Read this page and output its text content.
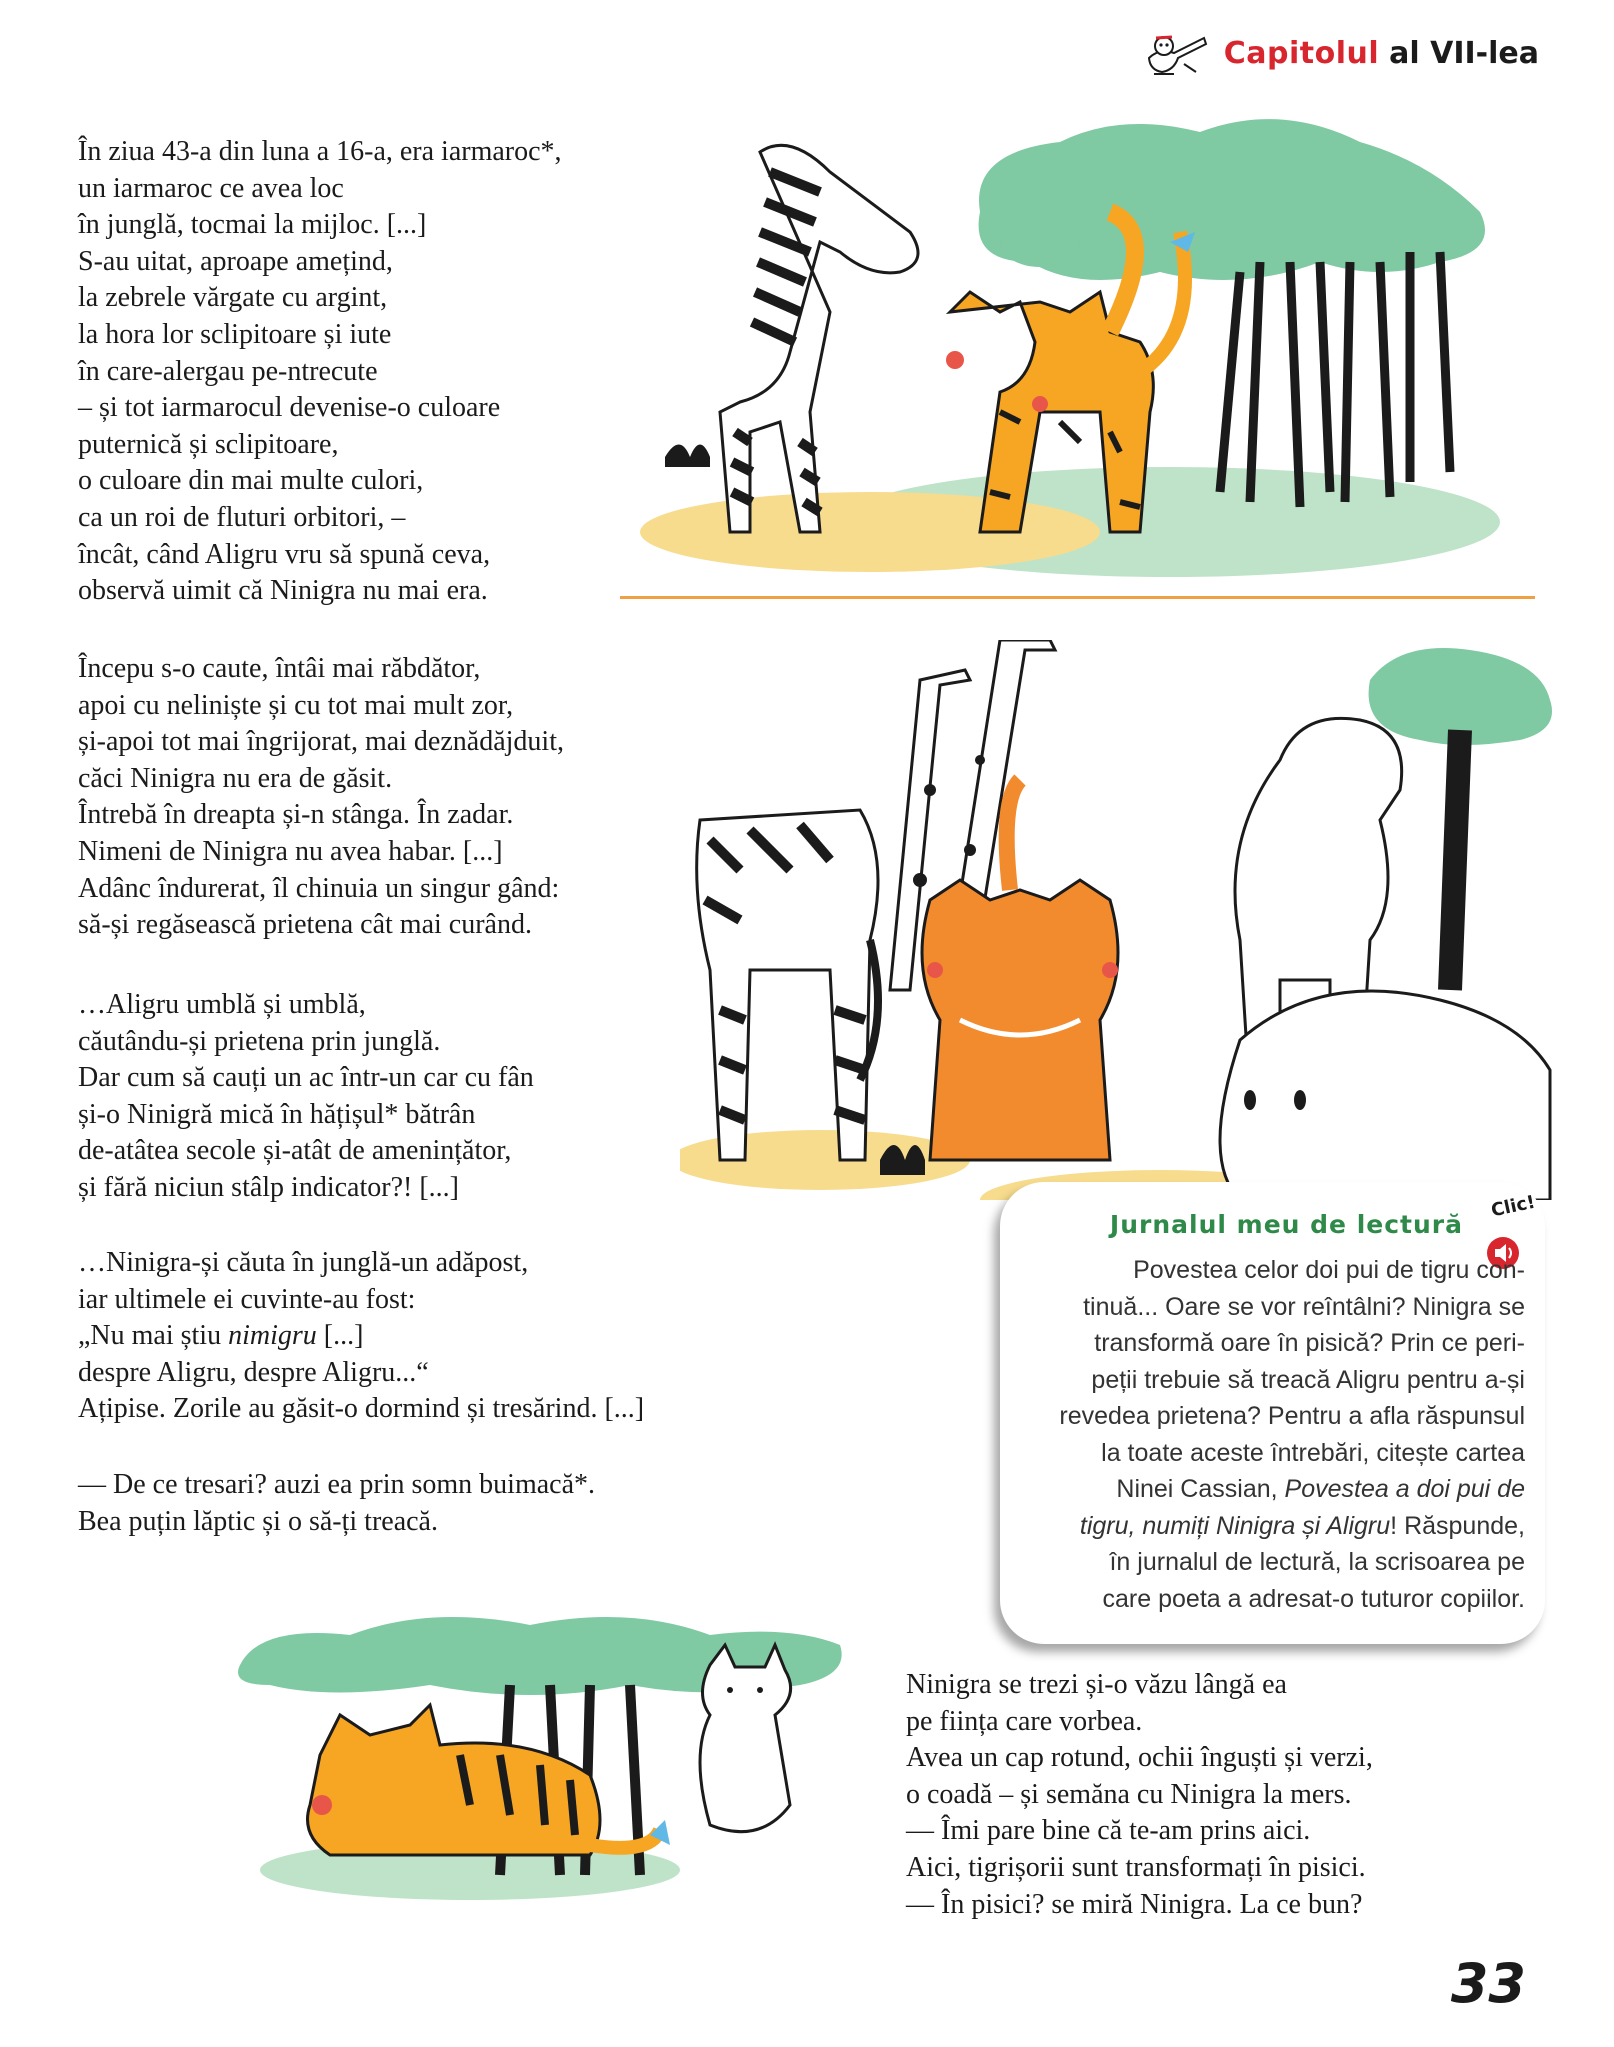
Capitolul al VII-lea
În ziua 43-a din luna a 16-a, era iarmaroc*,
un iarmaroc ce avea loc
în junglă, tocmai la mijloc. [...]
S-au uitat, aproape amețind,
la zebrele vărgate cu argint,
la hora lor sclipitoare și iute
în care-alergau pe-ntrecute
– și tot iarmarocul devenise-o culoare
puternică și sclipitoare,
o culoare din mai multe culori,
ca un roi de fluturi orbitori, –
încât, când Aligru vru să spună ceva,
observă uimit că Ninigra nu mai era.
Începu s-o caute, întâi mai răbdător,
apoi cu neliniște și cu tot mai mult zor,
și-apoi tot mai îngrijorat, mai deznădăjduit,
căci Ninigra nu era de găsit.
Întrebă în dreapta și-n stânga. În zadar.
Nimeni de Ninigra nu avea habar. [...]
Adânc îndurerat, îl chinuia un singur gând:
să-și regăsească prietena cât mai curând.
…Aligru umblă și umblă,
căutându-și prietena prin junglă.
Dar cum să cauți un ac într-un car cu fân
și-o Ninigră mică în hățișul* bătrân
de-atâtea secole și-atât de amenințător,
și fără niciun stâlp indicator?! [...]
…Ninigra-și căuta în junglă-un adăpost,
iar ultimele ei cuvinte-au fost:
„Nu mai știu nimigru [...]
despre Aligru, despre Aligru...“
Ațipise. Zorile au găsit-o dormind și tresărind. [...]
— De ce tresari? auzi ea prin somn buimacă*.
Bea puțin lăptic și o să-ți treacă.
Ninigra se trezi și-o văzu lângă ea
pe ființa care vorbea.
Avea un cap rotund, ochii înguști și verzi,
o coadă – și semăna cu Ninigra la mers.
— Îmi pare bine că te-am prins aici.
Aici, tigrișorii sunt transformați în pisici.
— În pisici? se miră Ninigra. La ce bun?
Jurnalul meu de lectură
Clic!
Povestea celor doi pui de tigru con-
tinuă... Oare se vor reîntâlni? Ninigra se
transformă oare în pisică? Prin ce peri-
peții trebuie să treacă Aligru pentru a-și
revedea prietena? Pentru a afla răspunsul
la toate aceste întrebări, citește cartea
Ninei Cassian, Povestea a doi pui de
tigru, numiți Ninigra și Aligru! Răspunde,
în jurnalul de lectură, la scrisoarea pe
care poeta a adresat-o tuturor copiilor.
33
